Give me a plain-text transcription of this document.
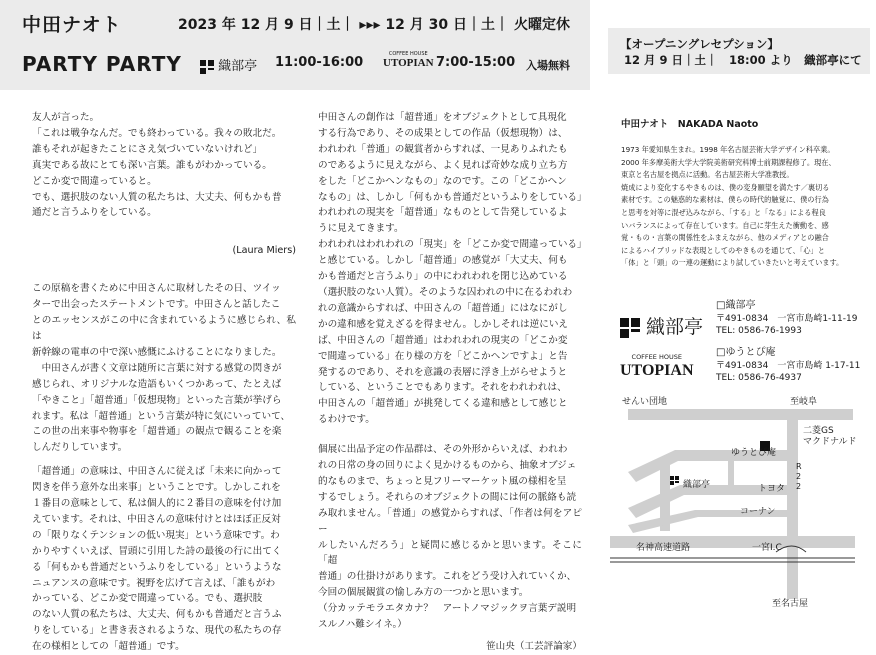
中田ナオト	2023 年 12 月 9 日｜土｜ ▸▸▸ 12 月 30 日｜土｜ 火曜定休
PARTY PARTY	織部亭 11:00-16:00
COFFEE HOUSE
UTOPIAN 7:00-15:00 入場無料
【オープニングレセプション】
12 月 9 日｜土｜　18:00 より　織部亭にて

友人が言った。

「これは戦争なんだ。でも終わっている。我々の敗北だ。

誰もそれが起きたことにさえ気づいていないけれど」

真実である故にとても深い言葉。誰もがわかっている。

どこか変で間違っていると。

でも、選択肢のない人質の私たちは、大丈夫、何もかも普

通だと言うふりをしている。

(Laura Miers)

この原稿を書くために中田さんに取材したその日、ツイッ

ターで出会ったステートメントです。中田さんと話したこ

とのエッセンスがこの中に含まれているように感じられ、私は

新幹線の電車の中で深い感慨にふけることになりました。

　中田さんが書く文章は随所に言葉に対する感覚の閃きが

感じられ、オリジナルな造語もいくつかあって、たとえば

「やきこと」「超普通」「仮想現物」といった言葉が挙げら

れます。私は「超普通」という言葉が特に気にいっていて、

この世の出来事や物事を「超普通」の観点で観ることを楽

しんだりしています。

「超普通」の意味は、中田さんに従えば「未来に向かって

閃きを伴う意外な出来事」ということです。しかしこれを

１番目の意味として、私は個人的に２番目の意味を付け加

えています。それは、中田さんの意味付けとはほぼ正反対

の「限りなくテンションの低い現実」という意味です。わ

かりやすくいえば、冒頭に引用した詩の最後の行に出てく

る「何もかも普通だというふりをしている」というような

ニュアンスの意味です。視野を広げて言えば、「誰もがわ

かっている、どこか変で間違っている。でも、選択肢

のない人質の私たちは、大丈夫、何もかも普通だと言うふ

りをしている」と書き表されるような、現代の私たちの存

在の様相としての「超普通」です。

中田さんの創作は「超普通」をオブジェクトとして具現化

する行為であり、その成果としての作品（仮想現物）は、

われわれ「普通」の観賞者からすれば、一見ありふれたも

のであるように見えながら、よく見れば奇妙な成り立ち方

をした「どこかヘンなもの」なのです。この「どこかヘン

なもの」は、しかし「何もかも普通だというふりをしている」

われわれの現実を「超普通」なものとして告発しているよ

うに見えてきます。

われわれはわれわれの「現実」を「どこか変で間違っている」

と感じている。しかし「超普通」の感覚が「大丈夫、何も

かも普通だと言うふり」の中にわれわれを閉じ込めている

（選択肢のない人質）。そのような囚われの中に在るわれわ

れの意識からすれば、中田さんの「超普通」にはなにがし

かの違和感を覚えざるを得ません。しかしそれは逆にいえ

ば、中田さんの「超普通」はわれわれの現実の「どこか変

で間違っている」在り様の方を「どこかヘンですよ」と告

発するのであり、それを意識の表層に浮き上がらせようと

している、ということでもあります。それをわれわれは、

中田さんの「超普通」が挑発してくる違和感として感じと

るわけです。

個展に出品予定の作品群は、その外形からいえば、われわ

れの日常の身の回りによく見かけるものから、抽象オブジェ

的なものまで、ちょっと見フリーマーケット風の様相を呈

するでしょう。それらのオブジェクトの間には何の脈絡も読

み取れません。「普通」の感覚からすれば、「作者は何をアピー

ルしたいんだろう」と疑問に感じるかと思います。そこに「超

普通」の仕掛けがあります。これをどう受け入れていくか、

今回の個展観賞の愉しみ方の一つかと思います。

（分カッテモラエタカナ？　アートノマジックヲ言葉デ説明

スルノハ難シイネ。）

笹山央（工芸評論家）

中田ナオト　NAKADA Naoto
1973 年愛知県生まれ。1998 年名古屋芸術大学デザイン科卒業。
2000 年多摩美術大学大学院美術研究科博士前期課程修了。現在、
東京と名古屋を拠点に活動。名古屋芸術大学准教授。
焼成により変化するやきものは、僕の変身願望を満たす／裏切る
素材です。この魅惑的な素材は、僕らの時代的触覚に、僕の行為
と思考を対等に混ぜ込みながら、「する」と「なる」による程良
いバランスによって存在しています。自己に芽生えた衝動を、感
覚・もの・言葉の関係性をふまえながら、他のメディアとの融合
によるハイブリッドな表現としてのやきものを通じて、「心」と
「体」と「頭」の一連の運動により試していきたいと考えています。
織部亭
□織部亭
〒491-0834　一宮市島崎1-11-19
TEL: 0586-76-1993
COFFEE HOUSE
UTOPIAN
□ゆうとぴ庵
〒491-0834　一宮市島崎 1-17-11
TEL: 0586-76-4937
せんい団地	至岐阜
二菱GS
マクドナルド
ゆうとぴ庵
織部亭
R22
トヨタ
コーナン
名神高速道路	一宮I.C
至名古屋
